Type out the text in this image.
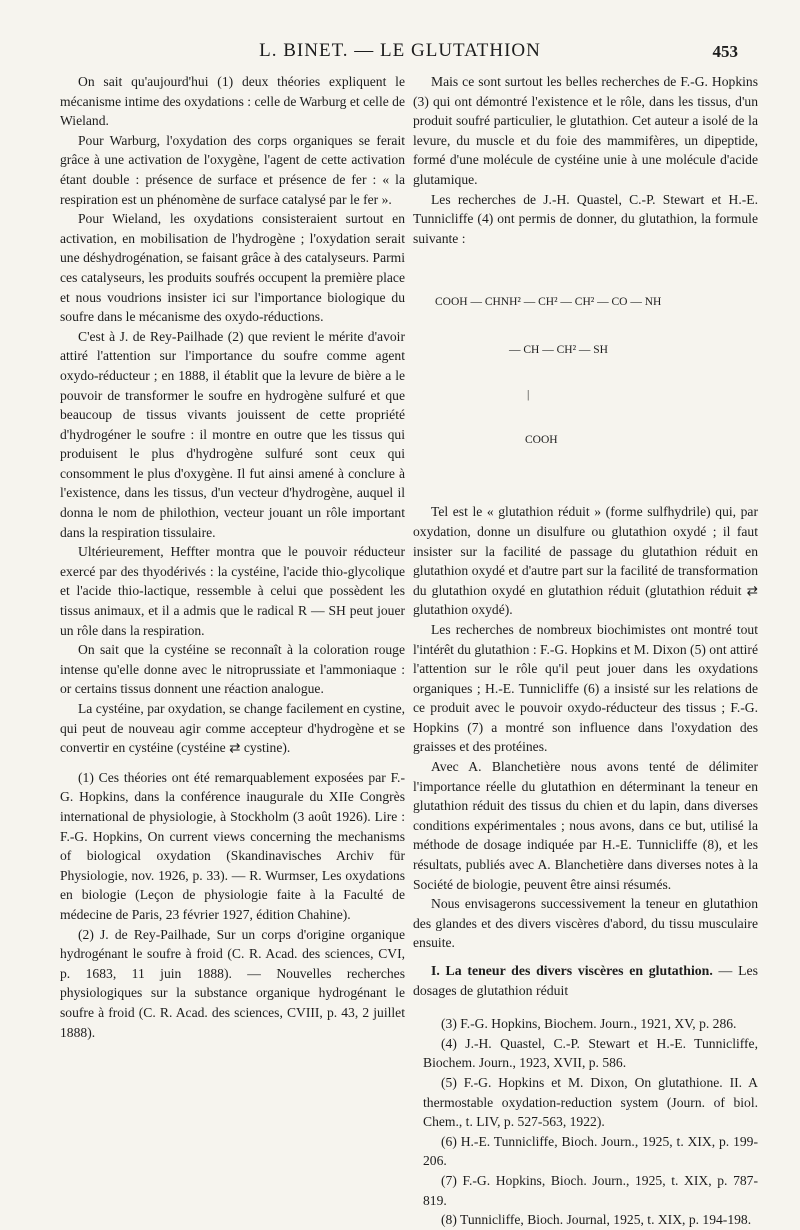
L. BINET. — LE GLUTATHION	453

On sait qu'aujourd'hui (1) deux théories expliquent le mécanisme intime des oxydations : celle de Warburg et celle de Wieland.

Pour Warburg, l'oxydation des corps organiques se ferait grâce à une activation de l'oxygène, l'agent de cette activation étant double : présence de surface et présence de fer : « la respiration est un phénomène de surface catalysé par le fer ».

Pour Wieland, les oxydations consisteraient surtout en activation, en mobilisation de l'hydrogène ; l'oxydation serait une déshydrogénation, se faisant grâce à des catalyseurs. Parmi ces catalyseurs, les produits soufrés occupent la première place et nous voudrions insister ici sur l'importance biologique du soufre dans le mécanisme des oxydo-réductions.

C'est à J. de Rey-Pailhade (2) que revient le mérite d'avoir attiré l'attention sur l'importance du soufre comme agent oxydo-réducteur ; en 1888, il établit que la levure de bière a le pouvoir de transformer le soufre en hydrogène sulfuré et que beaucoup de tissus vivants jouissent de cette propriété d'hydrogéner le soufre : il montre en outre que les tissus qui produisent le plus d'hydrogène sulfuré sont ceux qui consomment le plus d'oxygène. Il fut ainsi amené à conclure à l'existence, dans les tissus, d'un vecteur d'hydrogène, auquel il donna le nom de philothion, vecteur jouant un rôle important dans la respiration tissulaire.

Ultérieurement, Heffter montra que le pouvoir réducteur exercé par des thyodérivés : la cystéine, l'acide thio-glycolique et l'acide thio-lactique, ressemble à celui que possèdent les tissus animaux, et il a admis que le radical R — SH peut jouer un rôle dans la respiration.

On sait que la cystéine se reconnaît à la coloration rouge intense qu'elle donne avec le nitroprussiate et l'ammoniaque : or certains tissus donnent une réaction analogue.

La cystéine, par oxydation, se change facilement en cystine, qui peut de nouveau agir comme accepteur d'hydrogène et se convertir en cystéine (cystéine ⇄ cystine).

(1) Ces théories ont été remarquablement exposées par F.-G. Hopkins, dans la conférence inaugurale du XIIe Congrès international de physiologie, à Stockholm (3 août 1926). Lire : F.-G. Hopkins, On current views concerning the mechanisms of biological oxydation (Skandinavisches Archiv für Physiologie, nov. 1926, p. 33). — R. Wurmser, Les oxydations en biologie (Leçon de physiologie faite à la Faculté de médecine de Paris, 23 février 1927, édition Chahine).

(2) J. de Rey-Pailhade, Sur un corps d'origine organique hydrogénant le soufre à froid (C. R. Acad. des sciences, CVI, p. 1683, 11 juin 1888). — Nouvelles recherches physiologiques sur la substance organique hydrogénant le soufre à froid (C. R. Acad. des sciences, CVIII, p. 43, 2 juillet 1888).

Mais ce sont surtout les belles recherches de F.-G. Hopkins (3) qui ont démontré l'existence et le rôle, dans les tissus, d'un produit soufré particulier, le glutathion. Cet auteur a isolé de la levure, du muscle et du foie des mammifères, un dipeptide, formé d'une molécule de cystéine unie à une molécule d'acide glutamique.

Les recherches de J.-H. Quastel, C.-P. Stewart et H.-E. Tunnicliffe (4) ont permis de donner, du glutathion, la formule suivante :

COOH — CHNH² — CH² — CH² — CO — NH

— CH — CH² — SH

|

COOH

Tel est le « glutathion réduit » (forme sulfhydrile) qui, par oxydation, donne un disulfure ou glutathion oxydé ; il faut insister sur la facilité de passage du glutathion réduit en glutathion oxydé et d'autre part sur la facilité de transformation du glutathion oxydé en glutathion réduit (glutathion réduit ⇄ glutathion oxydé).

Les recherches de nombreux biochimistes ont montré tout l'intérêt du glutathion : F.-G. Hopkins et M. Dixon (5) ont attiré l'attention sur le rôle qu'il peut jouer dans les oxydations organiques ; H.-E. Tunnicliffe (6) a insisté sur les relations de ce produit avec le pouvoir oxydo-réducteur des tissus ; F.-G. Hopkins (7) a montré son influence dans l'oxydation des graisses et des protéines.

Avec A. Blanchetière nous avons tenté de délimiter l'importance réelle du glutathion en déterminant la teneur en glutathion réduit des tissus du chien et du lapin, dans diverses conditions expérimentales ; nous avons, dans ce but, utilisé la méthode de dosage indiquée par H.-E. Tunnicliffe (8), et les résultats, publiés avec A. Blanchetière dans diverses notes à la Société de biologie, peuvent être ainsi résumés.

Nous envisagerons successivement la teneur en glutathion des glandes et des divers viscères d'abord, du tissu musculaire ensuite.

I. La teneur des divers viscères en glutathion. — Les dosages de glutathion réduit

(3) F.-G. Hopkins, Biochem. Journ., 1921, XV, p. 286.

(4) J.-H. Quastel, C.-P. Stewart et H.-E. Tunnicliffe, Biochem. Journ., 1923, XVII, p. 586.

(5) F.-G. Hopkins et M. Dixon, On glutathione. II. A thermostable oxydation-reduction system (Journ. of biol. Chem., t. LIV, p. 527-563, 1922).

(6) H.-E. Tunnicliffe, Bioch. Journ., 1925, t. XIX, p. 199-206.

(7) F.-G. Hopkins, Bioch. Journ., 1925, t. XIX, p. 787-819.

(8) Tunnicliffe, Bioch. Journal, 1925, t. XIX, p. 194-198.
